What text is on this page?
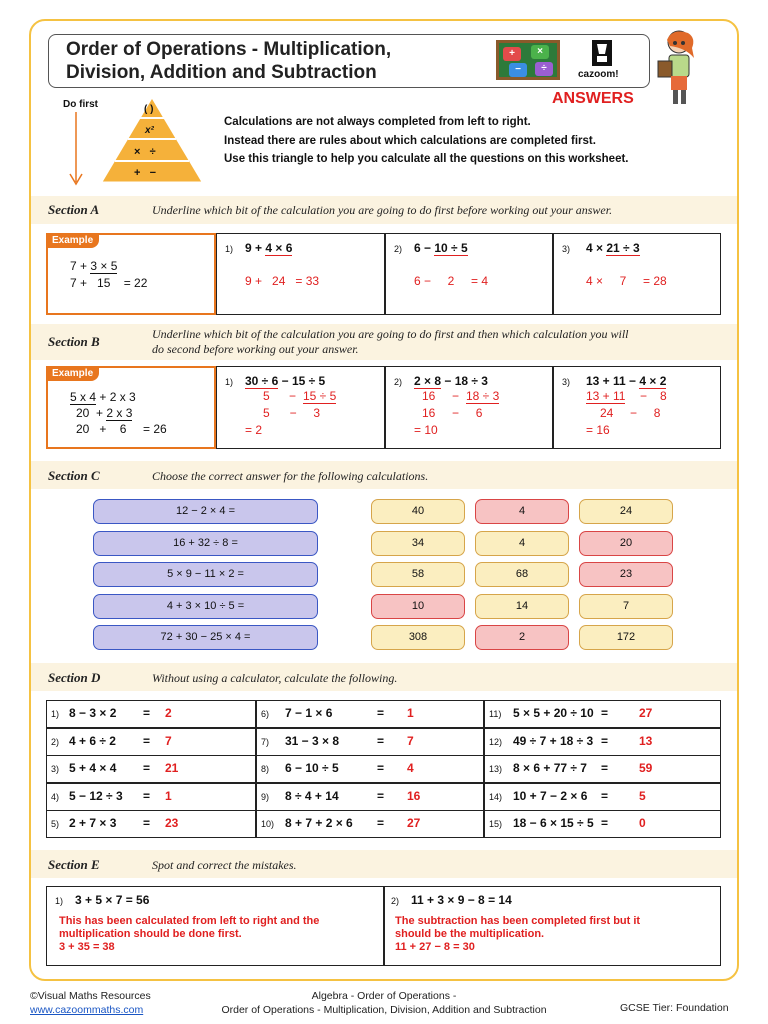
Order of Operations - Multiplication,
Division, Addition and Subtraction
+	×
−	÷
cazoom!
ANSWERS
Do first	( )
x²
×   ÷
+   −
Calculations are not always completed from left to right.
Instead there are rules about which calculations are completed first.
Use this triangle to help you calculate all the questions on this worksheet.
Section A	Underline which bit of the calculation you are going to do first before working out your answer.
Example
7 + 3 × 5
7 +   15    = 22
1) 9 + 4 × 6
9 +   24   = 33
2) 6 − 10 ÷ 5
6 −     2     = 4
3) 4 × 21 ÷ 3
4 ×     7     = 28
Section B	Underline which bit of the calculation you are going to do first and then which calculation you will
do second before working out your answer.
Example
5 x 4 + 2 x 3
20  + 2 x 3
20   +    6     = 26
1) 30 ÷ 6 − 15 ÷ 5
5 − 15 ÷ 5
5      −     3
= 2
2) 2 × 8 − 18 ÷ 3
16 − 18 ÷ 3
16     −     6
= 10
3) 13 + 11 − 4 × 2
13 + 11 − 8
24     −     8
= 16
Section C	Choose the correct answer for the following calculations.
12 − 2 × 4 =	40	4	24
16 + 32 ÷ 8 =	34	4	20
5 × 9 − 11 × 2 =	58	68	23
4 + 3 × 10 ÷ 5 =	10	14	7
72 + 30 − 25 × 4 =	308	2	172
Section D	Without using a calculator, calculate the following.
1) 8 − 3 × 2 = 2
2) 4 + 6 ÷ 2 = 7
3) 5 + 4 × 4 = 21
4) 5 − 12 ÷ 3 = 1
5) 2 + 7 × 3 = 23
6) 7 − 1 × 6	= 1
7) 31 − 3 × 8	= 7
8) 6 − 10 ÷ 5	= 4
9) 8 ÷ 4 + 14	= 16
10) 8 + 7 + 2 × 6 = 27
11) 5 × 5 + 20 ÷ 10 =	27
12) 49 ÷ 7 + 18 ÷ 3 =	13
13) 8 × 6 + 77 ÷ 7 =	59
14) 10 + 7 − 2 × 6 =	5
15) 18 − 6 × 15 ÷ 5 =	0
Section E	Spot and correct the mistakes.
1) 3 + 5 × 7 = 56
This has been calculated from left to right and the
multiplication should be done first.
3 + 35 = 38
2) 11 + 3 × 9 − 8 = 14
The subtraction has been completed first but it
should be the multiplication.
11 + 27 − 8 = 30
©Visual Maths Resources
www.cazoommaths.com
Algebra - Order of Operations -
Order of Operations - Multiplication, Division, Addition and Subtraction	GCSE Tier: Foundation
